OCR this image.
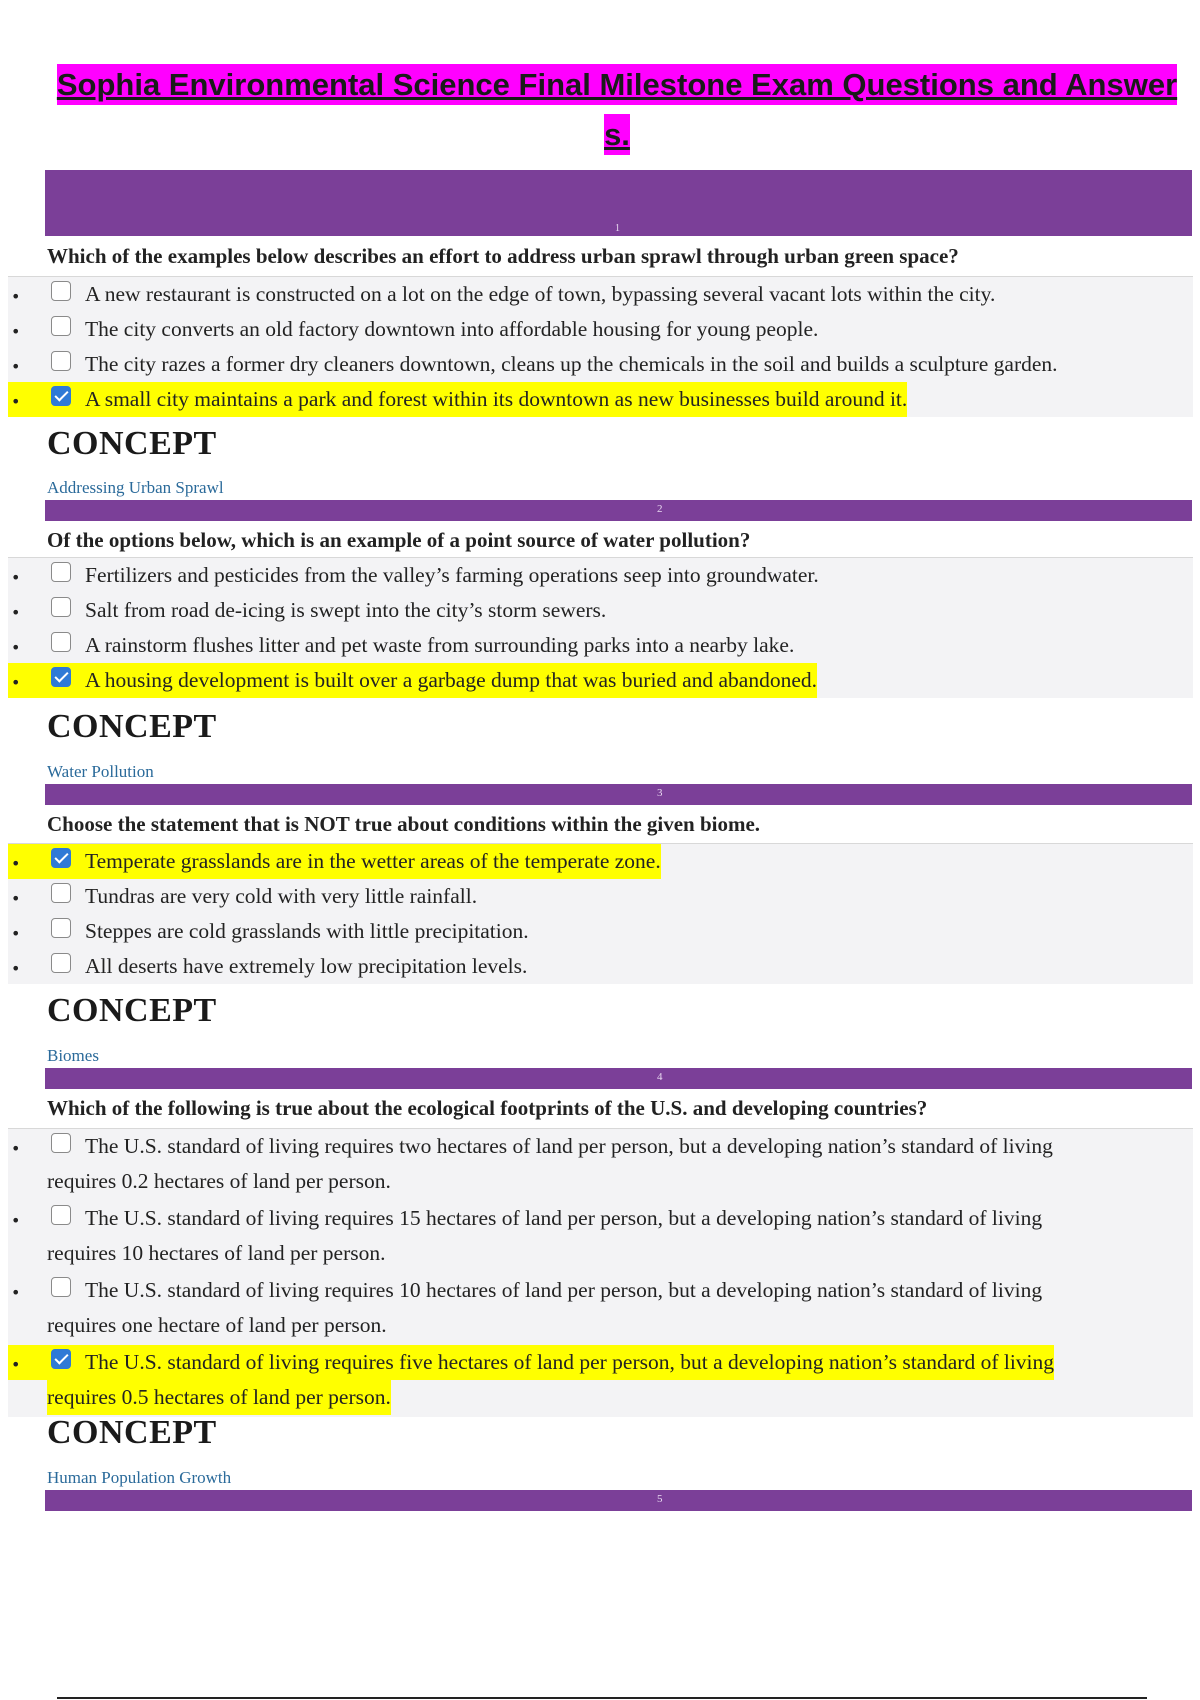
Sophia Environmental Science Final Milestone Exam Questions and Answers.
1
Which of the examples below describes an effort to address urban sprawl through urban green space?
•	A new restaurant is constructed on a lot on the edge of town, bypassing several vacant lots within the city.
•	The city converts an old factory downtown into affordable housing for young people.
•	The city razes a former dry cleaners downtown, cleans up the chemicals in the soil and builds a sculpture garden.
•	A small city maintains a park and forest within its downtown as new businesses build around it.
CONCEPT
Addressing Urban Sprawl
2
Of the options below, which is an example of a point source of water pollution?
•	Fertilizers and pesticides from the valley’s farming operations seep into groundwater.
•	Salt from road de-icing is swept into the city’s storm sewers.
•	A rainstorm flushes litter and pet waste from surrounding parks into a nearby lake.
•	A housing development is built over a garbage dump that was buried and abandoned.
CONCEPT
Water Pollution
3
Choose the statement that is NOT true about conditions within the given biome.
•	Temperate grasslands are in the wetter areas of the temperate zone.
•	Tundras are very cold with very little rainfall.
•	Steppes are cold grasslands with little precipitation.
•	All deserts have extremely low precipitation levels.
CONCEPT
Biomes
4
Which of the following is true about the ecological footprints of the U.S. and developing countries?
•	The U.S. standard of living requires two hectares of land per person, but a developing nation’s standard of living
requires 0.2 hectares of land per person.
•	The U.S. standard of living requires 15 hectares of land per person, but a developing nation’s standard of living
requires 10 hectares of land per person.
•	The U.S. standard of living requires 10 hectares of land per person, but a developing nation’s standard of living
requires one hectare of land per person.
•	The U.S. standard of living requires five hectares of land per person, but a developing nation’s standard of living
requires 0.5 hectares of land per person.
CONCEPT
Human Population Growth
5
